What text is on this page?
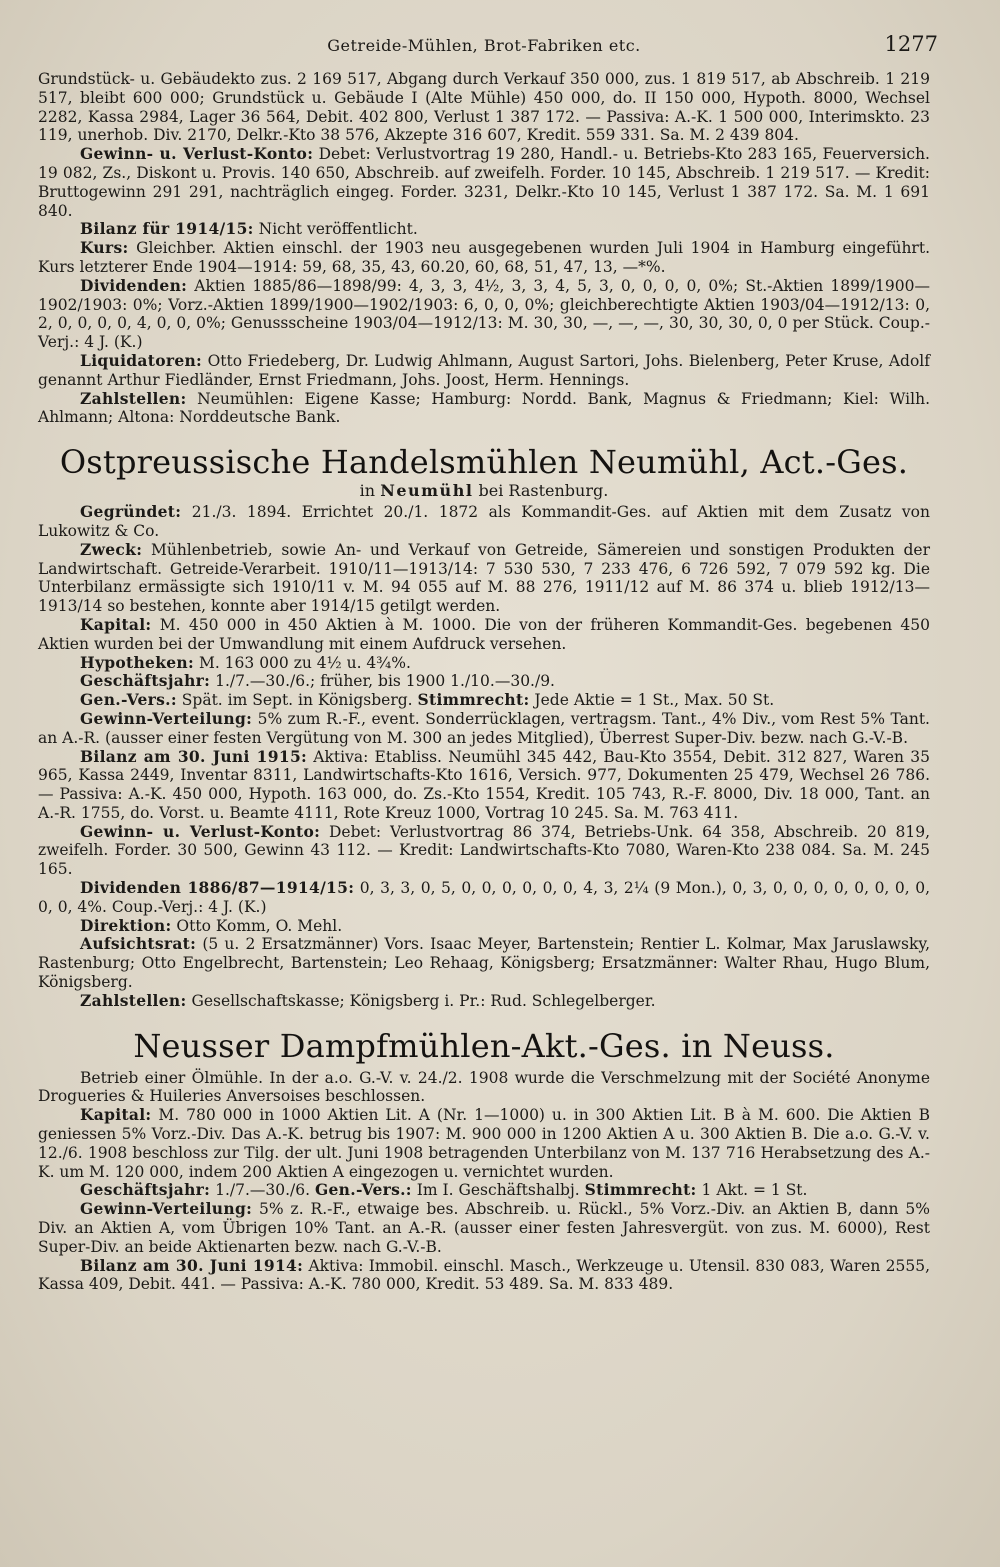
Getreide-Mühlen, Brot-Fabriken etc.	1277

Grundstück- u. Gebäudekto zus. 2 169 517, Abgang durch Verkauf 350 000, zus. 1 819 517, ab Abschreib. 1 219 517, bleibt 600 000; Grundstück u. Gebäude I (Alte Mühle) 450 000, do. II 150 000, Hypoth. 8000, Wechsel 2282, Kassa 2984, Lager 36 564, Debit. 402 800, Verlust 1 387 172. — Passiva: A.-K. 1 500 000, Interimskto. 23 119, unerhob. Div. 2170, Delkr.-Kto 38 576, Akzepte 316 607, Kredit. 559 331. Sa. M. 2 439 804.

Gewinn- u. Verlust-Konto: Debet: Verlustvortrag 19 280, Handl.- u. Betriebs-Kto 283 165, Feuerversich. 19 082, Zs., Diskont u. Provis. 140 650, Abschreib. auf zweifelh. Forder. 10 145, Abschreib. 1 219 517. — Kredit: Bruttogewinn 291 291, nachträglich eingeg. Forder. 3231, Delkr.-Kto 10 145, Verlust 1 387 172. Sa. M. 1 691 840.

Bilanz für 1914/15: Nicht veröffentlicht.

Kurs: Gleichber. Aktien einschl. der 1903 neu ausgegebenen wurden Juli 1904 in Hamburg eingeführt. Kurs letzterer Ende 1904—1914: 59, 68, 35, 43, 60.20, 60, 68, 51, 47, 13, —*%.

Dividenden: Aktien 1885/86—1898/99: 4, 3, 3, 4½, 3, 3, 4, 5, 3, 0, 0, 0, 0, 0%; St.-Aktien 1899/1900—1902/1903: 0%; Vorz.-Aktien 1899/1900—1902/1903: 6, 0, 0, 0%; gleichberechtigte Aktien 1903/04—1912/13: 0, 2, 0, 0, 0, 0, 4, 0, 0, 0%; Genussscheine 1903/04—1912/13: M. 30, 30, —, —, —, 30, 30, 30, 0, 0 per Stück. Coup.-Verj.: 4 J. (K.)

Liquidatoren: Otto Friedeberg, Dr. Ludwig Ahlmann, August Sartori, Johs. Bielenberg, Peter Kruse, Adolf genannt Arthur Fiedländer, Ernst Friedmann, Johs. Joost, Herm. Hennings.

Zahlstellen: Neumühlen: Eigene Kasse; Hamburg: Nordd. Bank, Magnus & Friedmann; Kiel: Wilh. Ahlmann; Altona: Norddeutsche Bank.

Ostpreussische Handelsmühlen Neumühl, Act.-Ges.
in Neumühl bei Rastenburg.

Gegründet: 21./3. 1894. Errichtet 20./1. 1872 als Kommandit-Ges. auf Aktien mit dem Zusatz von Lukowitz & Co.

Zweck: Mühlenbetrieb, sowie An- und Verkauf von Getreide, Sämereien und sonstigen Produkten der Landwirtschaft. Getreide-Verarbeit. 1910/11—1913/14: 7 530 530, 7 233 476, 6 726 592, 7 079 592 kg. Die Unterbilanz ermässigte sich 1910/11 v. M. 94 055 auf M. 88 276, 1911/12 auf M. 86 374 u. blieb 1912/13—1913/14 so bestehen, konnte aber 1914/15 getilgt werden.

Kapital: M. 450 000 in 450 Aktien à M. 1000. Die von der früheren Kommandit-Ges. begebenen 450 Aktien wurden bei der Umwandlung mit einem Aufdruck versehen.

Hypotheken: M. 163 000 zu 4½ u. 4¾%.

Geschäftsjahr: 1./7.—30./6.; früher, bis 1900 1./10.—30./9.

Gen.-Vers.: Spät. im Sept. in Königsberg. Stimmrecht: Jede Aktie = 1 St., Max. 50 St.

Gewinn-Verteilung: 5% zum R.-F., event. Sonderrücklagen, vertragsm. Tant., 4% Div., vom Rest 5% Tant. an A.-R. (ausser einer festen Vergütung von M. 300 an jedes Mitglied), Überrest Super-Div. bezw. nach G.-V.-B.

Bilanz am 30. Juni 1915: Aktiva: Etabliss. Neumühl 345 442, Bau-Kto 3554, Debit. 312 827, Waren 35 965, Kassa 2449, Inventar 8311, Landwirtschafts-Kto 1616, Versich. 977, Dokumenten 25 479, Wechsel 26 786. — Passiva: A.-K. 450 000, Hypoth. 163 000, do. Zs.-Kto 1554, Kredit. 105 743, R.-F. 8000, Div. 18 000, Tant. an A.-R. 1755, do. Vorst. u. Beamte 4111, Rote Kreuz 1000, Vortrag 10 245. Sa. M. 763 411.

Gewinn- u. Verlust-Konto: Debet: Verlustvortrag 86 374, Betriebs-Unk. 64 358, Abschreib. 20 819, zweifelh. Forder. 30 500, Gewinn 43 112. — Kredit: Landwirtschafts-Kto 7080, Waren-Kto 238 084. Sa. M. 245 165.

Dividenden 1886/87—1914/15: 0, 3, 3, 0, 5, 0, 0, 0, 0, 0, 0, 4, 3, 2¼ (9 Mon.), 0, 3, 0, 0, 0, 0, 0, 0, 0, 0, 0, 0, 4%. Coup.-Verj.: 4 J. (K.)

Direktion: Otto Komm, O. Mehl.

Aufsichtsrat: (5 u. 2 Ersatzmänner) Vors. Isaac Meyer, Bartenstein; Rentier L. Kolmar, Max Jaruslawsky, Rastenburg; Otto Engelbrecht, Bartenstein; Leo Rehaag, Königsberg; Ersatzmänner: Walter Rhau, Hugo Blum, Königsberg.

Zahlstellen: Gesellschaftskasse; Königsberg i. Pr.: Rud. Schlegelberger.

Neusser Dampfmühlen-Akt.-Ges. in Neuss.

Betrieb einer Ölmühle. In der a.o. G.-V. v. 24./2. 1908 wurde die Verschmelzung mit der Société Anonyme Drogueries & Huileries Anversoises beschlossen.

Kapital: M. 780 000 in 1000 Aktien Lit. A (Nr. 1—1000) u. in 300 Aktien Lit. B à M. 600. Die Aktien B geniessen 5% Vorz.-Div. Das A.-K. betrug bis 1907: M. 900 000 in 1200 Aktien A u. 300 Aktien B. Die a.o. G.-V. v. 12./6. 1908 beschloss zur Tilg. der ult. Juni 1908 betragenden Unterbilanz von M. 137 716 Herabsetzung des A.-K. um M. 120 000, indem 200 Aktien A eingezogen u. vernichtet wurden.

Geschäftsjahr: 1./7.—30./6. Gen.-Vers.: Im I. Geschäftshalbj. Stimmrecht: 1 Akt. = 1 St.

Gewinn-Verteilung: 5% z. R.-F., etwaige bes. Abschreib. u. Rückl., 5% Vorz.-Div. an Aktien B, dann 5% Div. an Aktien A, vom Übrigen 10% Tant. an A.-R. (ausser einer festen Jahresvergüt. von zus. M. 6000), Rest Super-Div. an beide Aktienarten bezw. nach G.-V.-B.

Bilanz am 30. Juni 1914: Aktiva: Immobil. einschl. Masch., Werkzeuge u. Utensil. 830 083, Waren 2555, Kassa 409, Debit. 441. — Passiva: A.-K. 780 000, Kredit. 53 489. Sa. M. 833 489.
